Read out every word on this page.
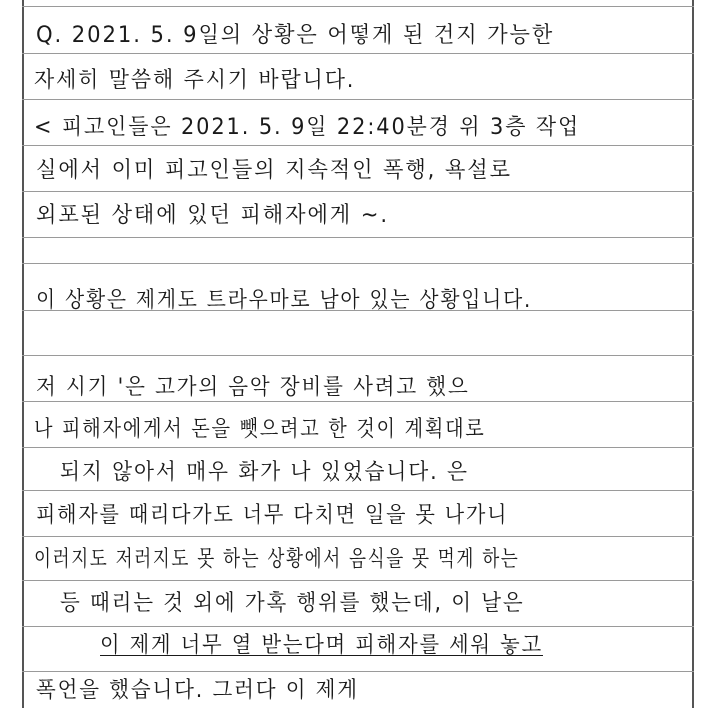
Q. 2021. 5. 9일의 상황은 어떻게 된 건지 가능한
자세히 말씀해 주시기 바랍니다.
< 피고인들은 2021. 5. 9일 22:40분경 위 3층 작업
실에서 이미 피고인들의 지속적인 폭행, 욕설로
외포된 상태에 있던 피해자에게 ~.
이 상황은 제게도 트라우마로 남아 있는 상황입니다.
저 시기 '은 고가의 음악 장비를 사려고 했으
나 피해자에게서 돈을 뺏으려고 한 것이 계획대로
되지 않아서 매우 화가 나 있었습니다. 은
피해자를 때리다가도 너무 다치면 일을 못 나가니
이러지도 저러지도 못 하는 상황에서 음식을 못 먹게 하는
등 때리는 것 외에 가혹 행위를 했는데, 이 날은
이 제게 너무 열 받는다며 피해자를 세워 놓고
폭언을 했습니다. 그러다 이 제게
